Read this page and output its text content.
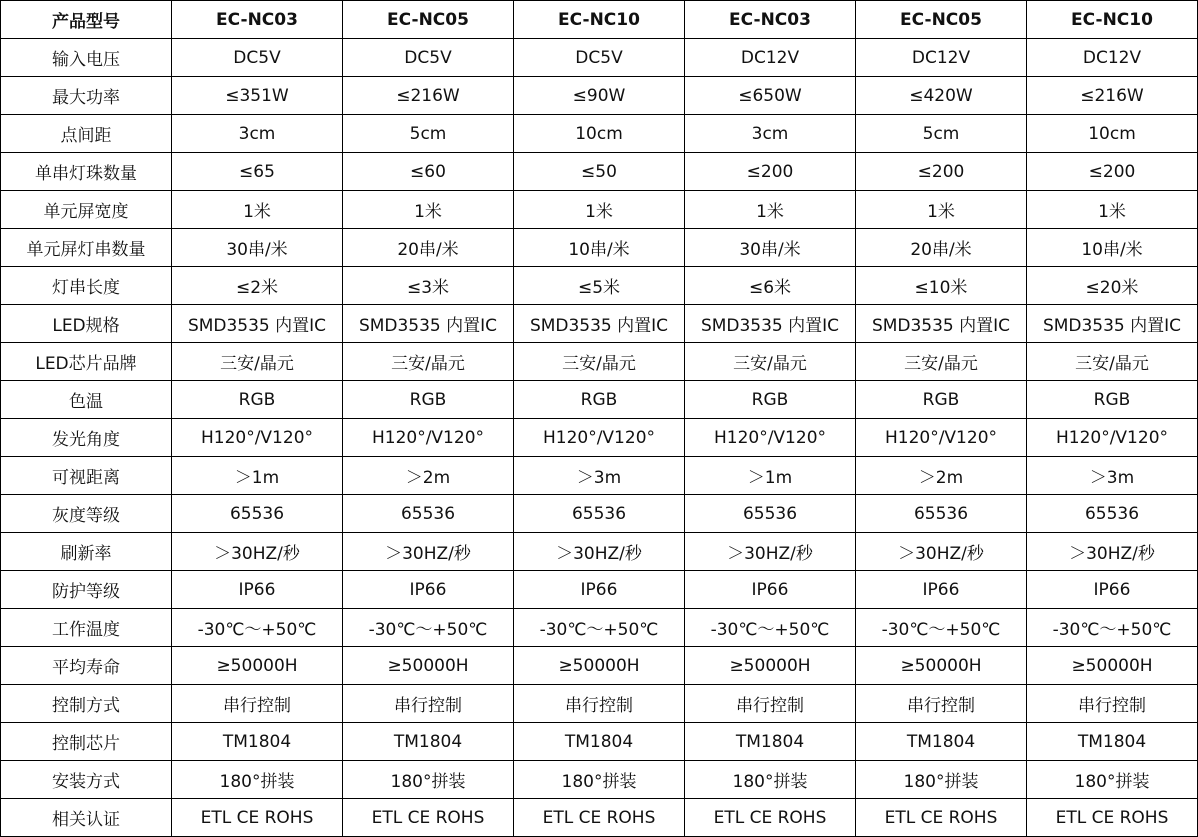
产品型号	EC-NC03	EC-NC05	EC-NC10	EC-NC03	EC-NC05	EC-NC10
输入电压	DC5V	DC5V	DC5V	DC12V	DC12V	DC12V
最大功率	≤351W	≤216W	≤90W	≤650W	≤420W	≤216W
点间距	3cm	5cm	10cm	3cm	5cm	10cm
单串灯珠数量	≤65	≤60	≤50	≤200	≤200	≤200
单元屏宽度	1米	1米	1米	1米	1米	1米
单元屏灯串数量	30串/米	20串/米	10串/米	30串/米	20串/米	10串/米
灯串长度	≤2米	≤3米	≤5米	≤6米	≤10米	≤20米
LED规格	SMD3535 内置IC	SMD3535 内置IC	SMD3535 内置IC	SMD3535 内置IC	SMD3535 内置IC	SMD3535 内置IC
LED芯片品牌	三安/晶元	三安/晶元	三安/晶元	三安/晶元	三安/晶元	三安/晶元
色温	RGB	RGB	RGB	RGB	RGB	RGB
发光角度	H120°/V120°	H120°/V120°	H120°/V120°	H120°/V120°	H120°/V120°	H120°/V120°
可视距离	＞1m	＞2m	＞3m	＞1m	＞2m	＞3m
灰度等级	65536	65536	65536	65536	65536	65536
刷新率	＞30HZ/秒	＞30HZ/秒	＞30HZ/秒	＞30HZ/秒	＞30HZ/秒	＞30HZ/秒
防护等级	IP66	IP66	IP66	IP66	IP66	IP66
工作温度	-30℃～+50℃	-30℃～+50℃	-30℃～+50℃	-30℃～+50℃	-30℃～+50℃	-30℃～+50℃
平均寿命	≥50000H	≥50000H	≥50000H	≥50000H	≥50000H	≥50000H
控制方式	串行控制	串行控制	串行控制	串行控制	串行控制	串行控制
控制芯片	TM1804	TM1804	TM1804	TM1804	TM1804	TM1804
安装方式	180°拼装	180°拼装	180°拼装	180°拼装	180°拼装	180°拼装
相关认证	ETL CE ROHS	ETL CE ROHS	ETL CE ROHS	ETL CE ROHS	ETL CE ROHS	ETL CE ROHS
